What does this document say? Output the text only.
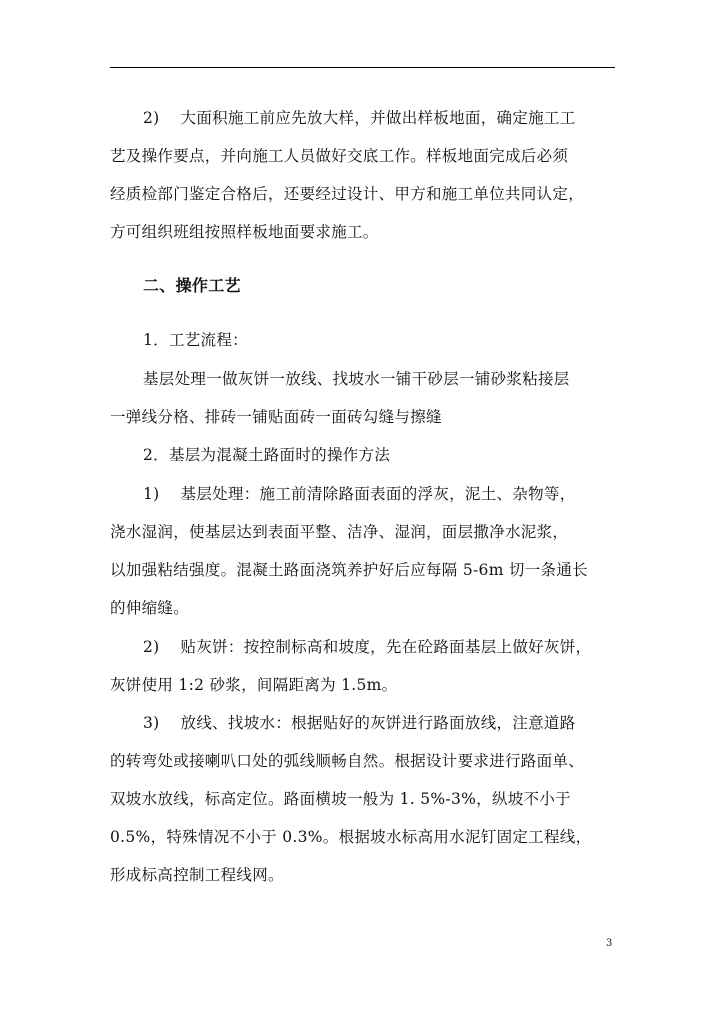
2)　 大面积施工前应先放大样，并做出样板地面，确定施工工
艺及操作要点，并向施工人员做好交底工作。样板地面完成后必须
经质检部门鉴定合格后，还要经过设计、甲方和施工单位共同认定，
方可组织班组按照样板地面要求施工。
二、操作工艺
1．工艺流程：
基层处理一做灰饼一放线、找坡水一铺干砂层一铺砂浆粘接层
一弹线分格、排砖一铺贴面砖一面砖勾缝与擦缝
2．基层为混凝土路面时的操作方法
1)　 基层处理：施工前清除路面表面的浮灰，泥土、杂物等，
浇水湿润，使基层达到表面平整、洁净、湿润，面层撒净水泥浆，
以加强粘结强度。混凝土路面浇筑养护好后应每隔 5-6m 切一条通长
的伸缩缝。
2)　 贴灰饼：按控制标高和坡度，先在砼路面基层上做好灰饼，
灰饼使用 1:2 砂浆，间隔距离为 1.5m。
3)　 放线、找坡水：根据贴好的灰饼进行路面放线，注意道路
的转弯处或接喇叭口处的弧线顺畅自然。根据设计要求进行路面单、
双坡水放线，标高定位。路面横坡一般为 1. 5%-3%，纵坡不小于
0.5%，特殊情况不小于 0.3%。根据坡水标高用水泥钉固定工程线，
形成标高控制工程线网。
3
